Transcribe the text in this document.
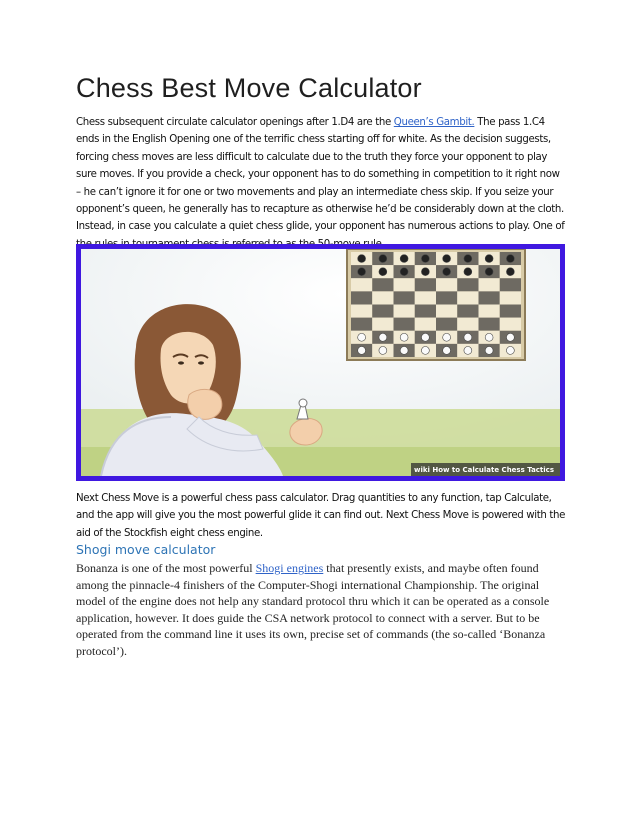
Chess Best Move Calculator

Chess subsequent circulate calculator openings after 1.D4 are the Queen’s Gambit. The pass 1.C4 ends in the English Opening one of the terrific chess starting off for white. As the decision suggests, forcing chess moves are less difficult to calculate due to the truth they force your opponent to play sure moves. If you provide a check, your opponent has to do something in competition to it right now – he can’t ignore it for one or two movements and play an intermediate chess skip. If you seize your opponent’s queen, he generally has to recapture as otherwise he’d be considerably down at the cloth. Instead, in case you calculate a quiet chess glide, your opponent has numerous actions to play. One of

wiki How to Calculate Chess Tactics

Next Chess Move is a powerful chess pass calculator. Drag quantities to any function, tap Calculate, and the app will give you the most powerful glide it can find out. Next Chess Move is powered with the aid of the Stockfish eight chess engine.

Shogi move calculator

Bonanza is one of the most powerful Shogi engines that presently exists, and maybe often found among the pinnacle-4 finishers of the Computer-Shogi international Championship. The original model of the engine does not help any standard protocol thru which it can be operated as a console application, however. It does guide the CSA network protocol to connect with a server. But to be operated from the command line it uses its own, precise set of commands (the so-called ‘Bonanza protocol’).
